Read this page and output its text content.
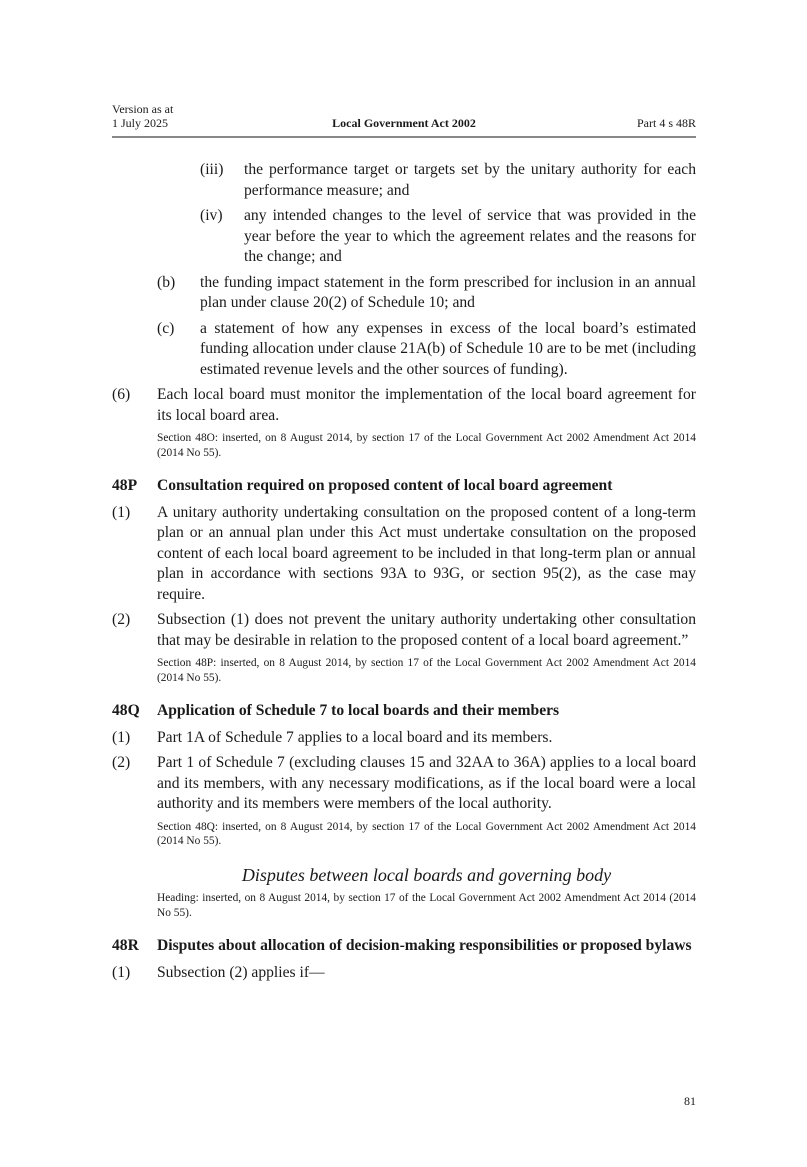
Version as at
1 July 2025	Local Government Act 2002	Part 4 s 48R
(iii)	the performance target or targets set by the unitary authority for each performance measure; and
(iv)	any intended changes to the level of service that was provided in the year before the year to which the agreement relates and the reasons for the change; and
(b)	the funding impact statement in the form prescribed for inclusion in an annual plan under clause 20(2) of Schedule 10; and
(c)	a statement of how any expenses in excess of the local board’s estimated funding allocation under clause 21A(b) of Schedule 10 are to be met (including estimated revenue levels and the other sources of funding).
(6)	Each local board must monitor the implementation of the local board agreement for its local board area.
Section 48O: inserted, on 8 August 2014, by section 17 of the Local Government Act 2002 Amendment Act 2014 (2014 No 55).
48P	Consultation required on proposed content of local board agreement
(1)	A unitary authority undertaking consultation on the proposed content of a long-term plan or an annual plan under this Act must undertake consultation on the proposed content of each local board agreement to be included in that long-term plan or annual plan in accordance with sections 93A to 93G, or section 95(2), as the case may require.
(2)	Subsection (1) does not prevent the unitary authority undertaking other consultation that may be desirable in relation to the proposed content of a local board agreement.”
Section 48P: inserted, on 8 August 2014, by section 17 of the Local Government Act 2002 Amendment Act 2014 (2014 No 55).
48Q	Application of Schedule 7 to local boards and their members
(1)	Part 1A of Schedule 7 applies to a local board and its members.
(2)	Part 1 of Schedule 7 (excluding clauses 15 and 32AA to 36A) applies to a local board and its members, with any necessary modifications, as if the local board were a local authority and its members were members of the local authority.
Section 48Q: inserted, on 8 August 2014, by section 17 of the Local Government Act 2002 Amendment Act 2014 (2014 No 55).
Disputes between local boards and governing body
Heading: inserted, on 8 August 2014, by section 17 of the Local Government Act 2002 Amendment Act 2014 (2014 No 55).
48R	Disputes about allocation of decision-making responsibilities or proposed bylaws
(1)	Subsection (2) applies if—
81
